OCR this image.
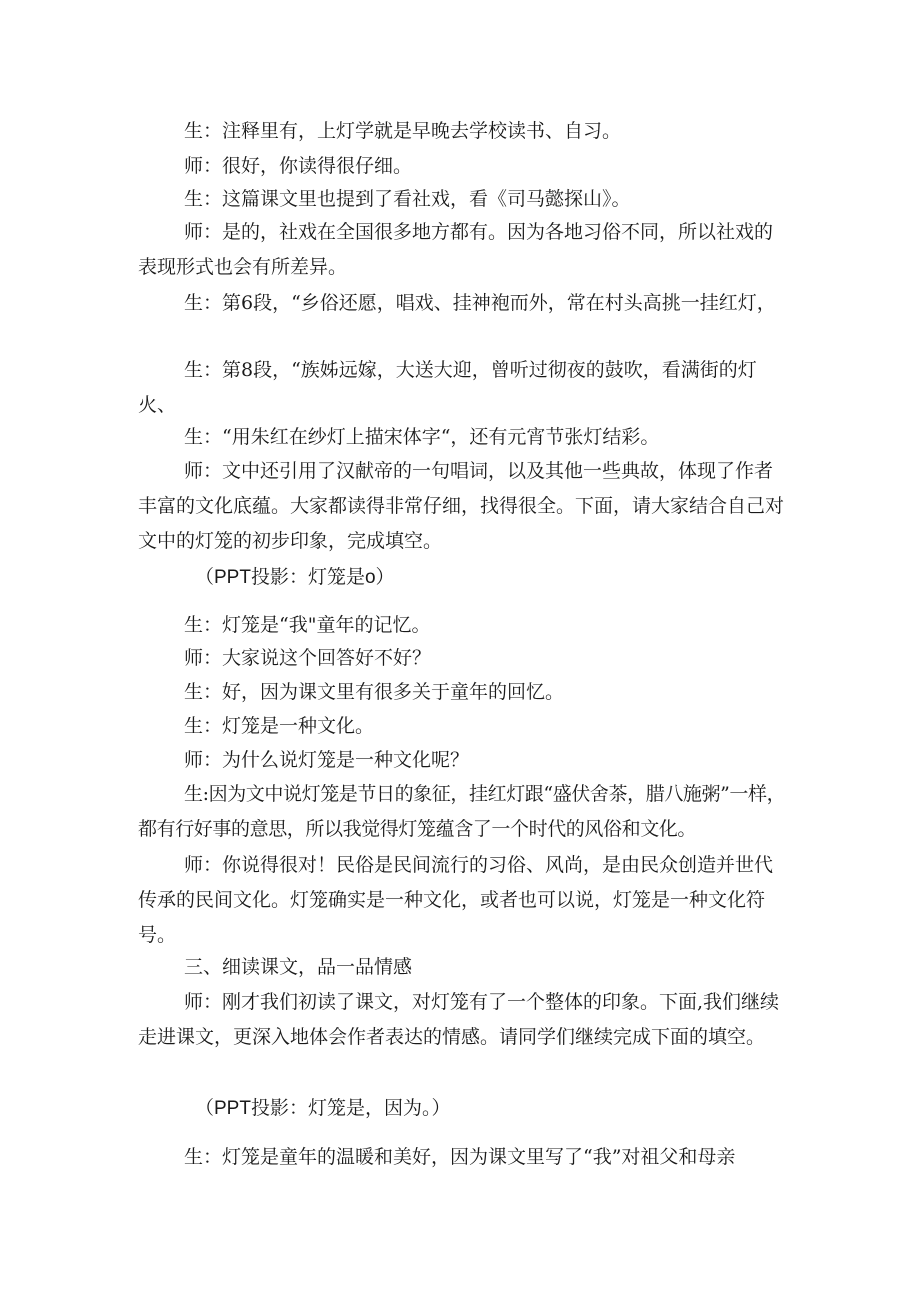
生：注释里有，上灯学就是早晚去学校读书、自习。

师：很好，你读得很仔细。

生：这篇课文里也提到了看社戏，看《司马懿探山》。

师：是的，社戏在全国很多地方都有。因为各地习俗不同，所以社戏的表现形式也会有所差异。

生：第6段，“乡俗还愿，唱戏、挂神袍而外，常在村头高挑一挂红灯，

生：第8段，“族姊远嫁，大送大迎，曾听过彻夜的鼓吹，看满街的灯火、

生：“用朱红在纱灯上描宋体字“，还有元宵节张灯结彩。

师：文中还引用了汉献帝的一句唱词，以及其他一些典故，体现了作者丰富的文化底蕴。大家都读得非常仔细，找得很全。下面，请大家结合自己对文中的灯笼的初步印象，完成填空。

（PPT投影：灯笼是o）

生：灯笼是“我"童年的记忆。

师：大家说这个回答好不好？

生：好，因为课文里有很多关于童年的回忆。

生：灯笼是一种文化。

师：为什么说灯笼是一种文化呢？

生:因为文中说灯笼是节日的象征，挂红灯跟“盛伏舍茶，腊八施粥”一样，都有行好事的意思，所以我觉得灯笼蕴含了一个时代的风俗和文化。

师：你说得很对！民俗是民间流行的习俗、风尚，是由民众创造并世代传承的民间文化。灯笼确实是一种文化，或者也可以说，灯笼是一种文化符号。

三、细读课文，品一品情感

师：刚才我们初读了课文，对灯笼有了一个整体的印象。下面,我们继续走进课文，更深入地体会作者表达的情感。请同学们继续完成下面的填空。

（PPT投影：灯笼是，因为。）

生：灯笼是童年的温暖和美好，因为课文里写了“我”对祖父和母亲
